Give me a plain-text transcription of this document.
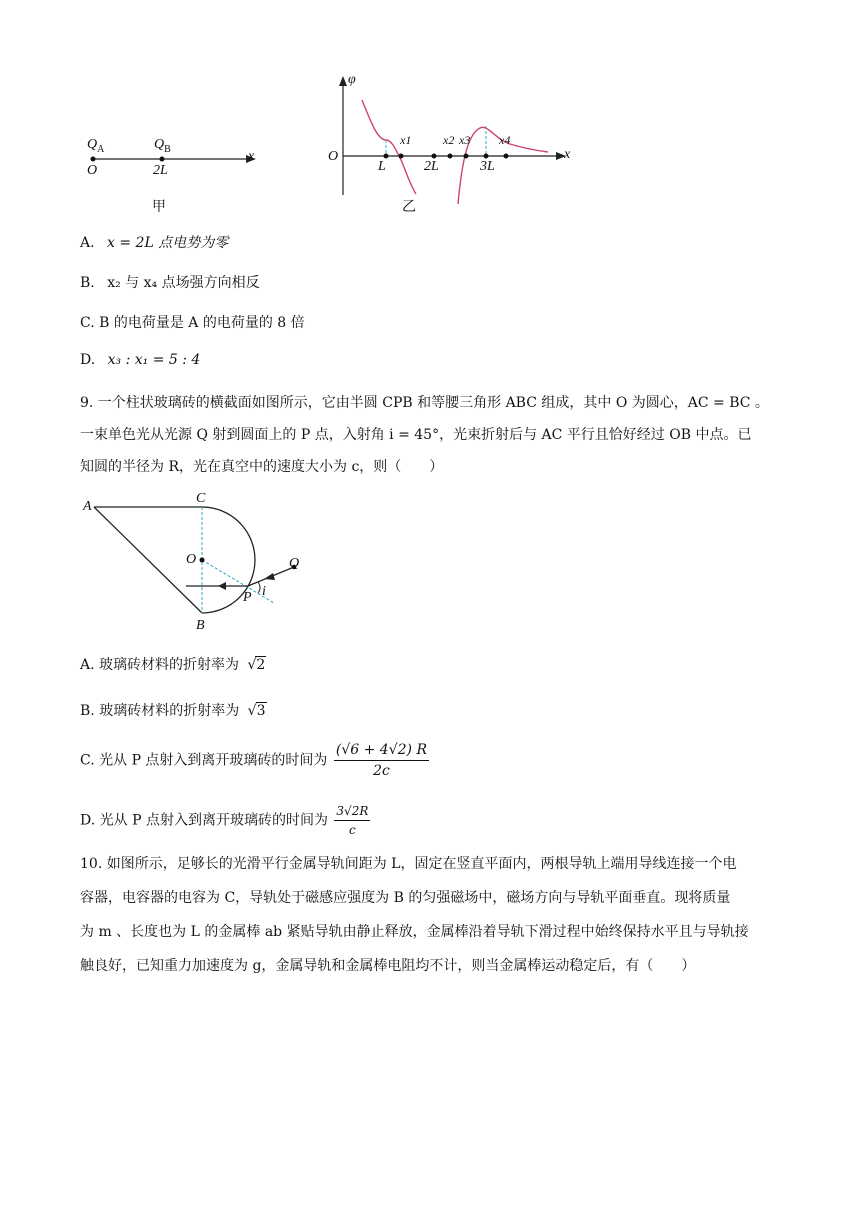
$Q_A$	$Q_B$
O	2L
x
甲
φ
O	x
L	2L	3L
x1	x2 x3 x4
乙
A. x = 2L 点电势为零
B. x₂ 与 x₄ 点场强方向相反
C. B 的电荷量是 A 的电荷量的 8 倍
D. x₃ : x₁ = 5 : 4
9. 一个柱状玻璃砖的横截面如图所示，它由半圆 CPB 和等腰三角形 ABC 组成，其中 O 为圆心，AC = BC 。
一束单色光从光源 Q 射到圆面上的 P 点，入射角 i = 45°，光束折射后与 AC 平行且恰好经过 OB 中点。已
知圆的半径为 R，光在真空中的速度大小为 c，则（　　）
A
C
O	Q
P i
B
A. 玻璃砖材料的折射率为 √2
B. 玻璃砖材料的折射率为 √3
C. 光从 P 点射入到离开玻璃砖的时间为 $\frac{(√6 + 4√2) R}{2c}$
D. 光从 P 点射入到离开玻璃砖的时间为 $\frac{3√2R}{c}$
10. 如图所示，足够长的光滑平行金属导轨间距为 L，固定在竖直平面内，两根导轨上端用导线连接一个电
容器，电容器的电容为 C，导轨处于磁感应强度为 B 的匀强磁场中，磁场方向与导轨平面垂直。现将质量
为 m 、长度也为 L 的金属棒 ab 紧贴导轨由静止释放，金属棒沿着导轨下滑过程中始终保持水平且与导轨接
触良好，已知重力加速度为 g，金属导轨和金属棒电阻均不计，则当金属棒运动稳定后，有（　　）
